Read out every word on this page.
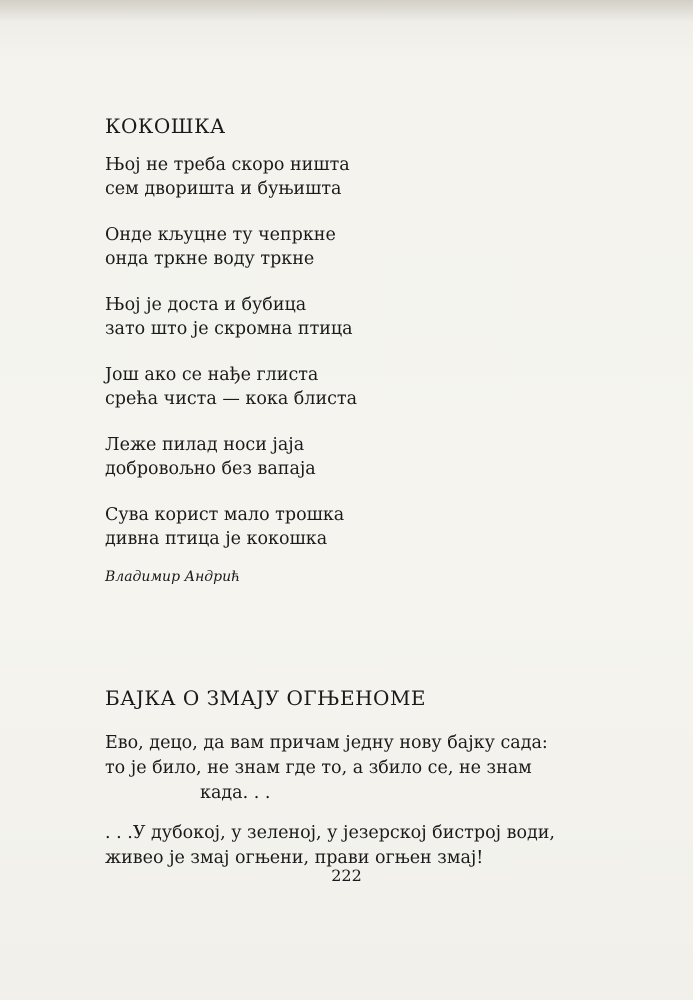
КОКОШКА
Њој не треба скоро ништа
сем дворишта и буњишта
Онде кљуцне ту чепркне
онда тркне воду тркне
Њој је доста и бубица
зато што је скромна птица
Још ако се нађе глиста
срећа чиста — кока блиста
Леже пилад носи јаја
добровољно без вапаја
Сува корист мало трошка
дивна птица је кокошка
Владимир Андрић
БАЈКА О ЗМАЈУ ОГЊЕНОМЕ
Ево, децо, да вам причам једну нову бајку сада:
то је било, не знам где то, а збило се, не знам
када. . .
. . .У дубокој, у зеленој, у језерској бистрој води,
живео је змај огњени, прави огњен змај!
222
